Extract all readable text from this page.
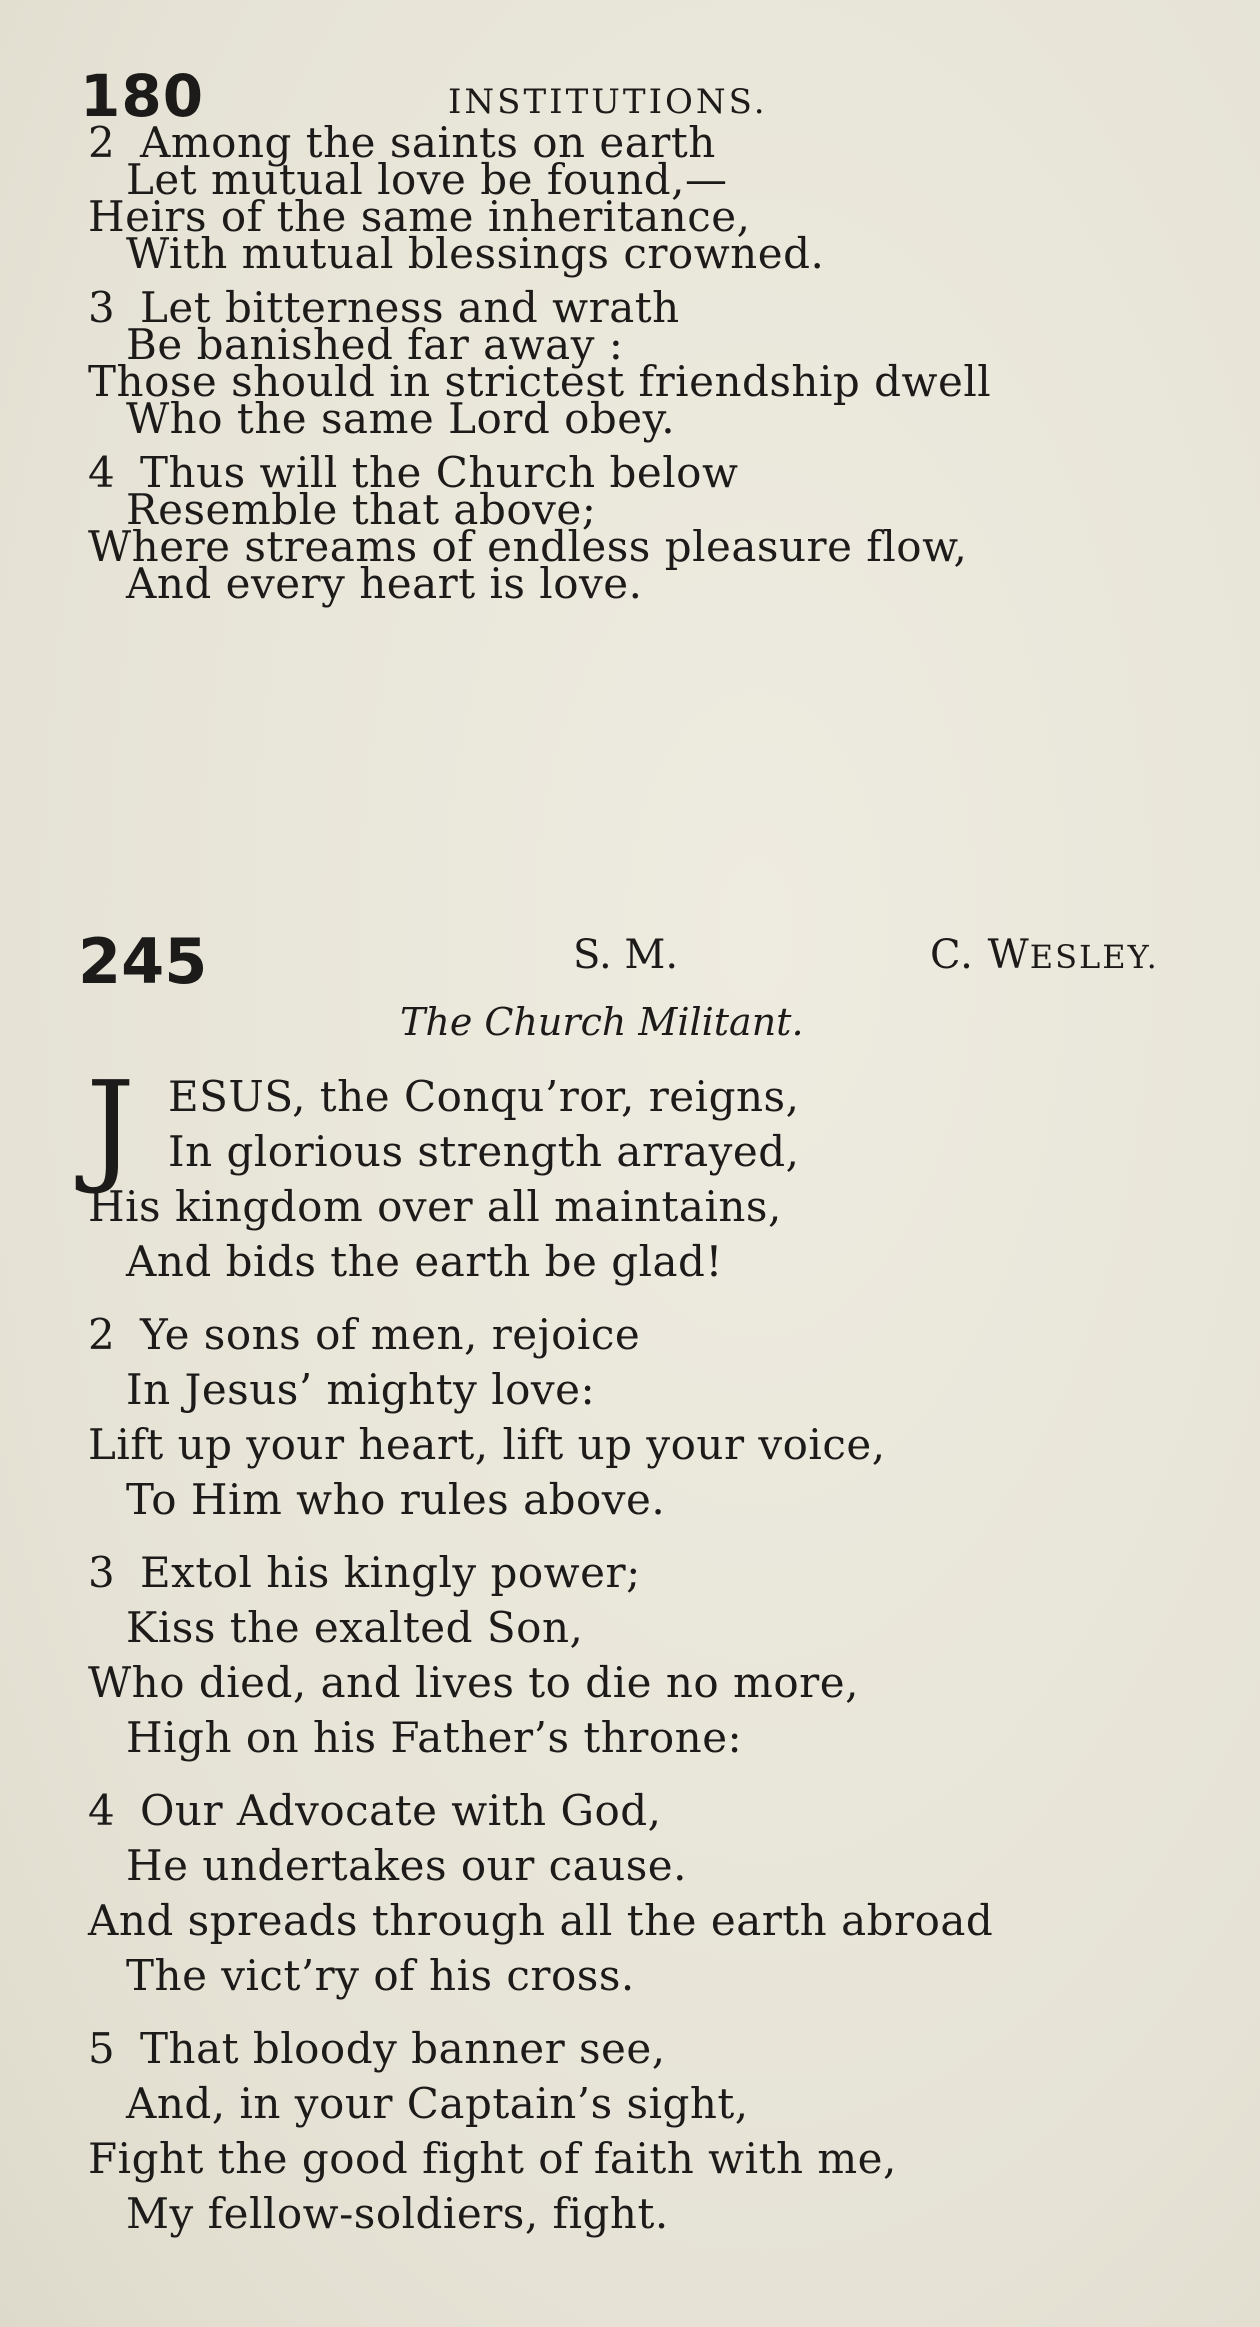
180	INSTITUTIONS.
2 Among the saints on earth
Let mutual love be found,—
Heirs of the same inheritance,
With mutual blessings crowned.
3 Let bitterness and wrath
Be banished far away :
Those should in strictest friendship dwell
Who the same Lord obey.
4 Thus will the Church below
Resemble that above;
Where streams of endless pleasure flow,
And every heart is love.
245	S. M.	C. WESLEY.
The Church Militant.
J ESUS, the Conqu’ror, reigns,
In glorious strength arrayed,
His kingdom over all maintains,
And bids the earth be glad!
2 Ye sons of men, rejoice
In Jesus’ mighty love:
Lift up your heart, lift up your voice,
To Him who rules above.
3 Extol his kingly power;
Kiss the exalted Son,
Who died, and lives to die no more,
High on his Father’s throne:
4 Our Advocate with God,
He undertakes our cause.
And spreads through all the earth abroad
The vict’ry of his cross.
5 That bloody banner see,
And, in your Captain’s sight,
Fight the good fight of faith with me,
My fellow-soldiers, fight.
